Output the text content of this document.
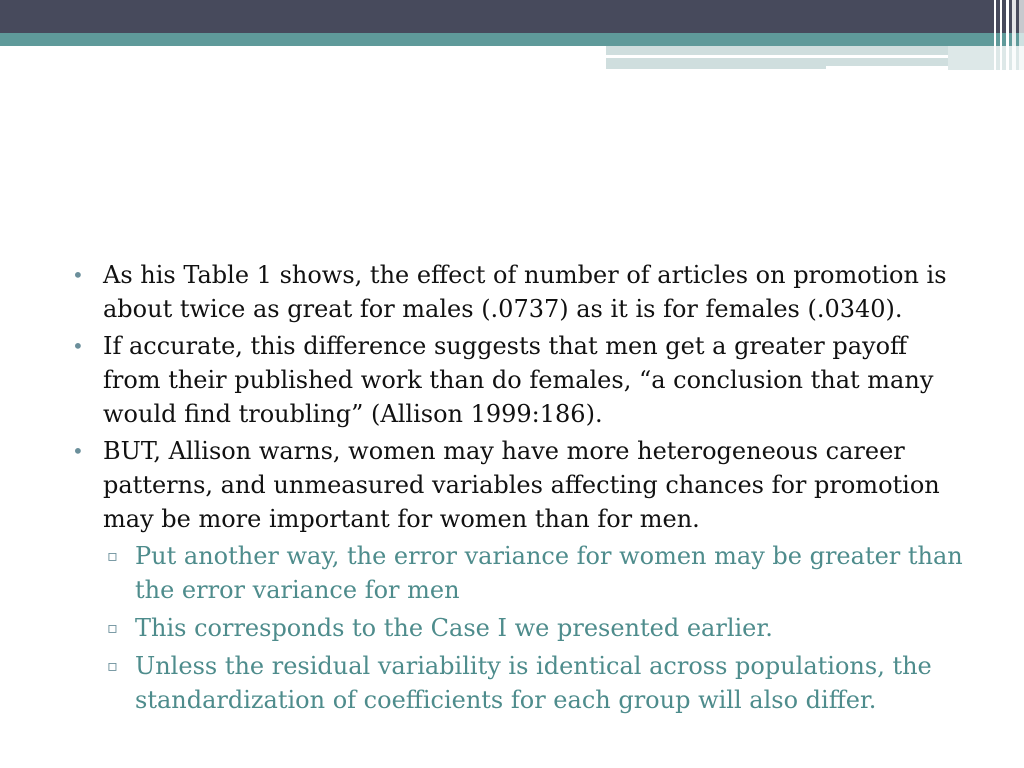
• As his Table 1 shows, the effect of number of articles on promotion is about twice as great for males (.0737) as it is for females (.0340).
• If accurate, this difference suggests that men get a greater payoff from their published work than do females, “a conclusion that many would find troubling” (Allison 1999:186).
• BUT, Allison warns, women may have more heterogeneous career patterns, and unmeasured variables affecting chances for promotion may be more important for women than for men.
▫ Put another way, the error variance for women may be greater than the error variance for men
▫ This corresponds to the Case I we presented earlier.
▫ Unless the residual variability is identical across populations, the standardization of coefficients for each group will also differ.
